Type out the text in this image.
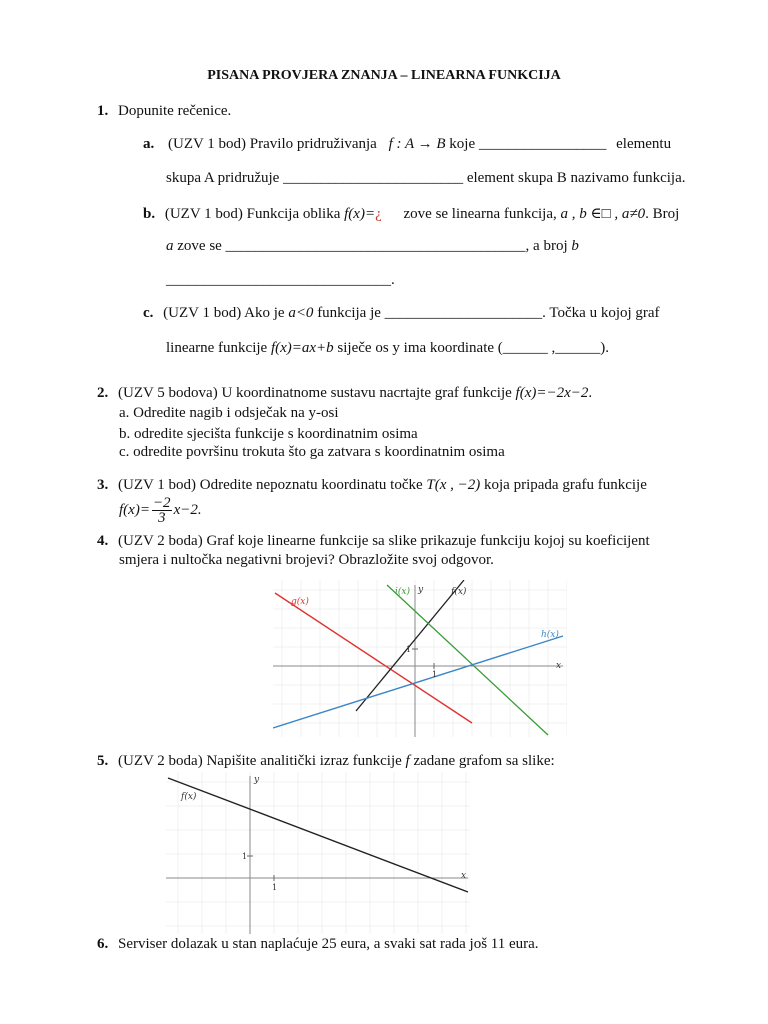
PISANA PROVJERA ZNANJA – LINEARNA FUNKCIJA
1. Dopunite rečenice.
a. (UZV 1 bod) Pravilo pridruživanja f : A → B koje _________________ elementu
skupa A pridružuje ________________________ element skupa B nazivamo funkcija.
b. (UZV 1 bod) Funkcija oblika f(x)=¿ zove se linearna funkcija, a , b ∈□ , a≠0. Broj
a zove se ________________________________________, a broj b
______________________________.
c. (UZV 1 bod) Ako je a<0 funkcija je _____________________. Točka u kojoj graf
linearne funkcije f(x)=ax+b siječe os y ima koordinate (______ ,______).
2. (UZV 5 bodova) U koordinatnome sustavu nacrtajte graf funkcije f(x)=−2x−2.
a. Odredite nagib i odsječak na y-osi
b. odredite sjecišta funkcije s koordinatnim osima
c. odredite površinu trokuta što ga zatvara s koordinatnim osima
3. (UZV 1 bod) Odredite nepoznatu koordinatu točke T(x , −2) koja pripada grafu funkcije
$f(x)= \frac{-2}{3} x-2$.
4. (UZV 2 boda) Graf koje linearne funkcije sa slike prikazuje funkciju kojoj su koeficijent
smjera i nultočka negativni brojevi? Obrazložite svoj odgovor.
g(x)
i(x) y	f(x)
h(x)
x
1
1
5. (UZV 2 boda) Napišite analitički izraz funkcije f zadane grafom sa slike:
f(x)
y
x
1
1
6. Serviser dolazak u stan naplaćuje 25 eura, a svaki sat rada još 11 eura.
